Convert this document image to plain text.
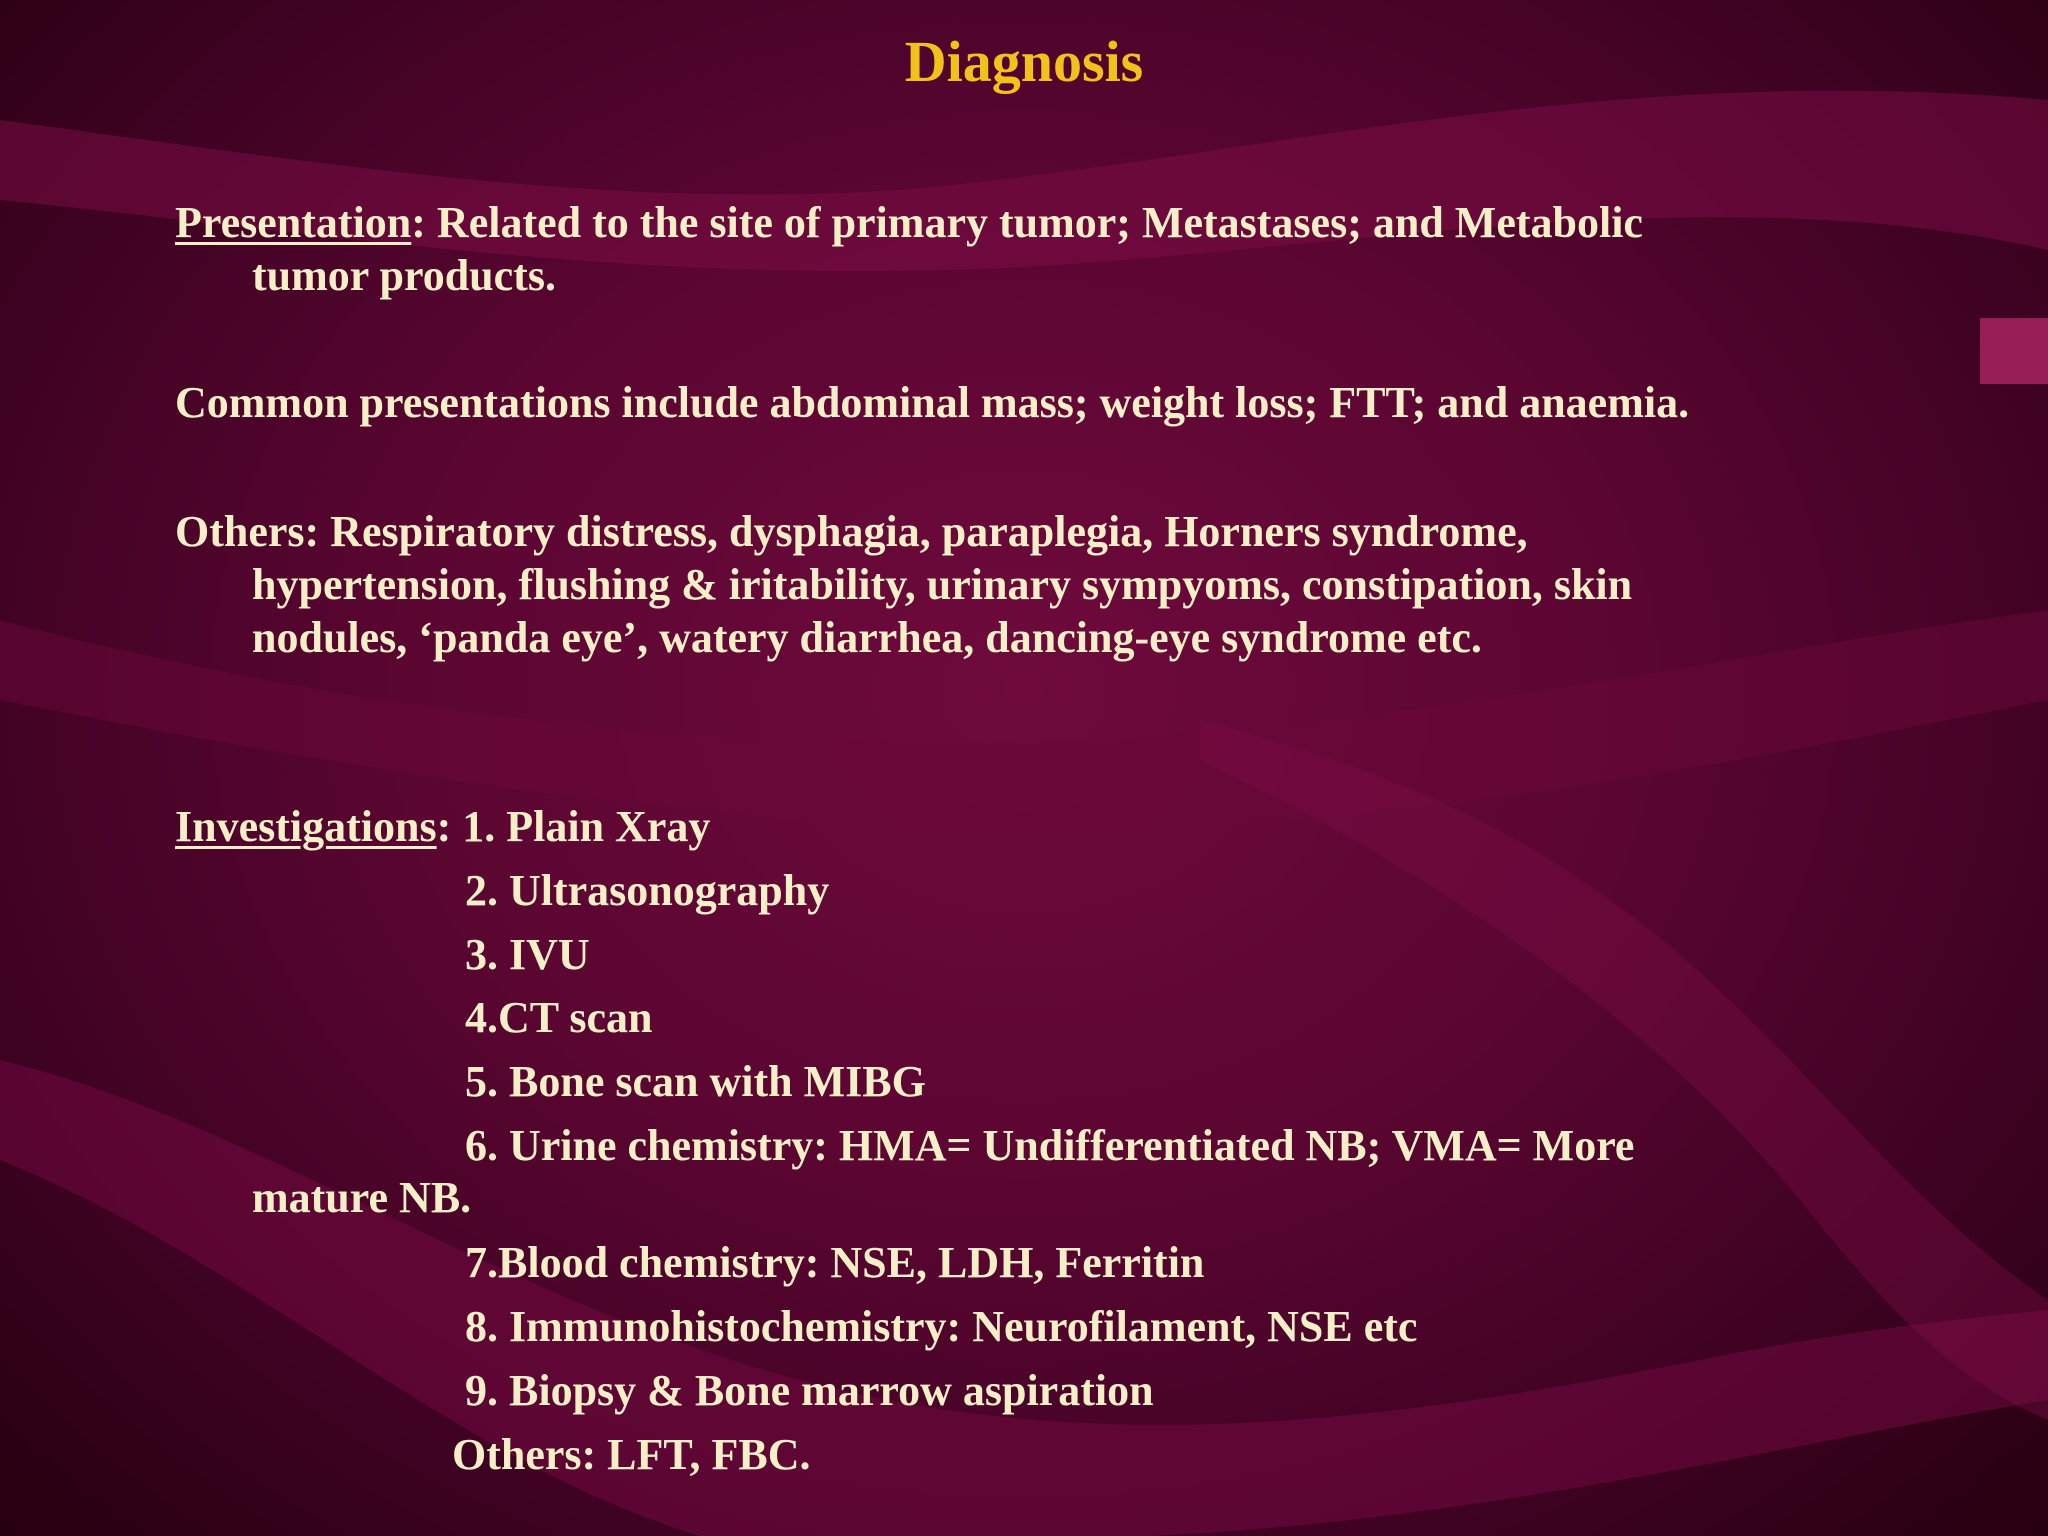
Diagnosis
Presentation: Related to the site of primary tumor; Metastases; and Metabolic
tumor products.
Common presentations include abdominal mass; weight loss; FTT; and anaemia.
Others: Respiratory distress, dysphagia, paraplegia, Horners syndrome,
hypertension, flushing & iritability, urinary sympyoms, constipation, skin
nodules, ‘panda eye’, watery diarrhea, dancing-eye syndrome etc.
Investigations: 1. Plain Xray
2. Ultrasonography
3. IVU
4.CT scan
5. Bone scan with MIBG
6. Urine chemistry: HMA= Undifferentiated NB; VMA= More
mature NB.
7.Blood chemistry: NSE, LDH, Ferritin
8. Immunohistochemistry: Neurofilament, NSE etc
9. Biopsy & Bone marrow aspiration
Others: LFT, FBC.
